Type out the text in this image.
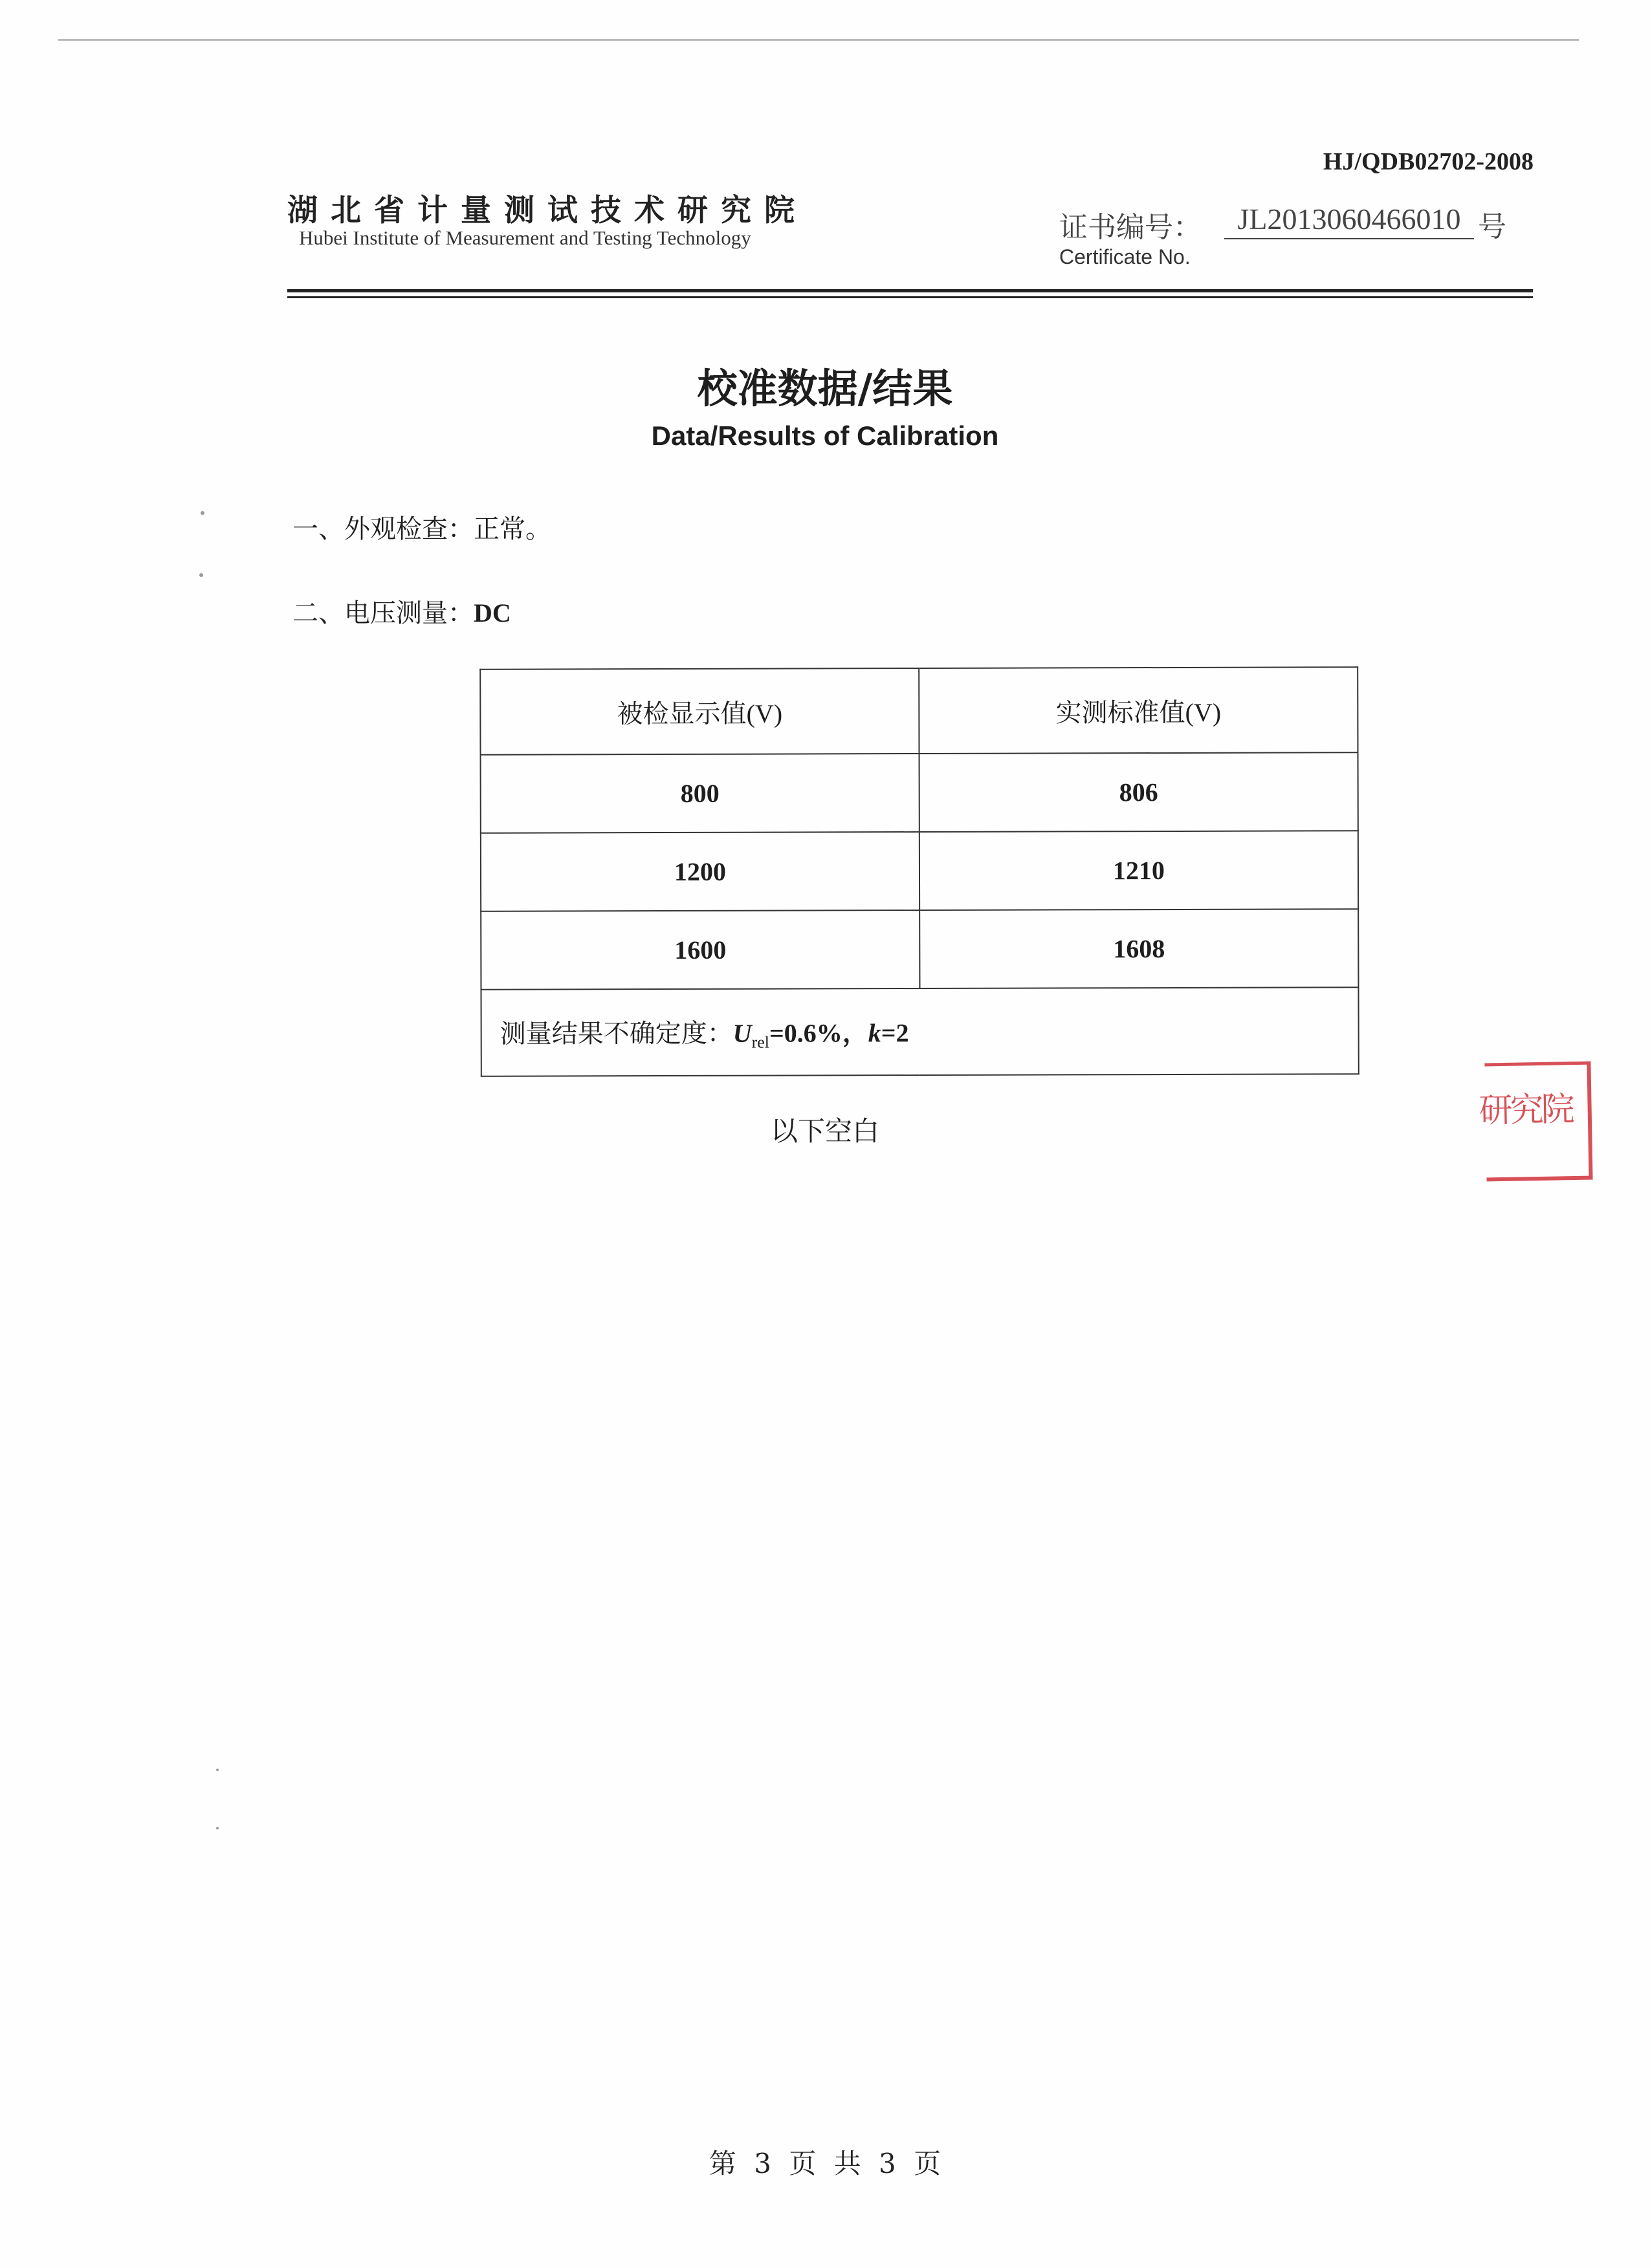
HJ/QDB02702-2008
湖北省计量测试技术研究院
Hubei Institute of Measurement and Testing Technology	证书编号：	JL2013060466010 号
Certificate No.
校准数据/结果
Data/Results of Calibration
一、外观检查：正常。
二、电压测量：DC
被检显示值(V)	实测标准值(V)
800	806
1200	1210
1600	1608
测量结果不确定度：$U_{rel}=0.6\%$，k=2	
以下空白
研究院
第 3 页 共 3 页
